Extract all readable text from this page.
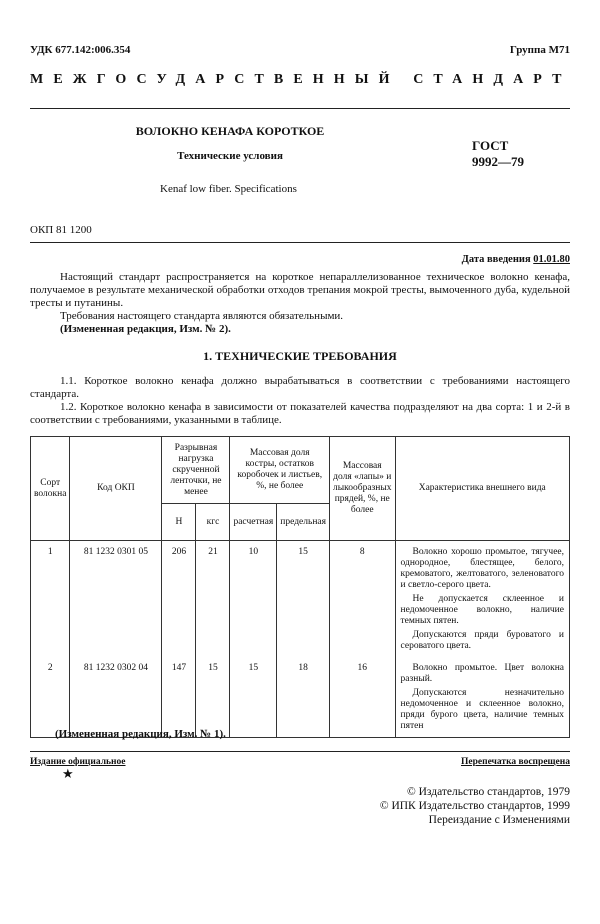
УДК 677.142:006.354	Группа М71
МЕЖГОСУДАРСТВЕННЫЙ СТАНДАРТ
ВОЛОКНО КЕНАФА КОРОТКОЕ
Технические условия
ГОСТ
9992—79
Kenaf low fiber. Specifications
ОКП 81 1200
Дата введения 01.01.80

Настоящий стандарт распространяется на короткое непараллелизованное техническое волокно кенафа, получаемое в результате механической обработки отходов трепания мокрой тресты, вымоченного дуба, кудельной тресты и путанины.

Требования настоящего стандарта являются обязательными.

(Измененная редакция, Изм. № 2).

1. ТЕХНИЧЕСКИЕ ТРЕБОВАНИЯ

1.1. Короткое волокно кенафа должно вырабатываться в соответствии с требованиями настоящего стандарта.

1.2. Короткое волокно кенафа в зависимости от показателей качества подразделяют на два сорта: 1 и 2-й в соответствии с требованиями, указанными в таблице.

Сорт волокна	Код ОКП	Разрывная нагрузка скрученной ленточки, не менее		Массовая доля костры, остатков коробочек и листьев, %, не более		Массовая доля «лапы» и лыкообразных прядей, %, не более	Характеристика внешнего вида
		Н	кгс	расчетная	предельная		
1	81 1232 0301 05	206	21	10	15	8	Волокно хорошо промытое, тягучее, однородное, блестящее, белого, кремоватого, желтоватого, зеленоватого и светло-серого цвета.

Не допускается склеенное и недомоченное волокно, наличие темных пятен.

Допускаются пряди буроватого и сероватого цвета.

2	81 1232 0302 04	147	15	15	18	16	Волокно промытое. Цвет волокна разный.

Допускаются незначительно недомоченное и склеенное волокно, пряди бурого цвета, наличие темных пятен

(Измененная редакция, Изм. № 1).
Издание официальное
★
Перепечатка воспрещена
© Издательство стандартов, 1979
© ИПК Издательство стандартов, 1999
Переиздание с Изменениями
